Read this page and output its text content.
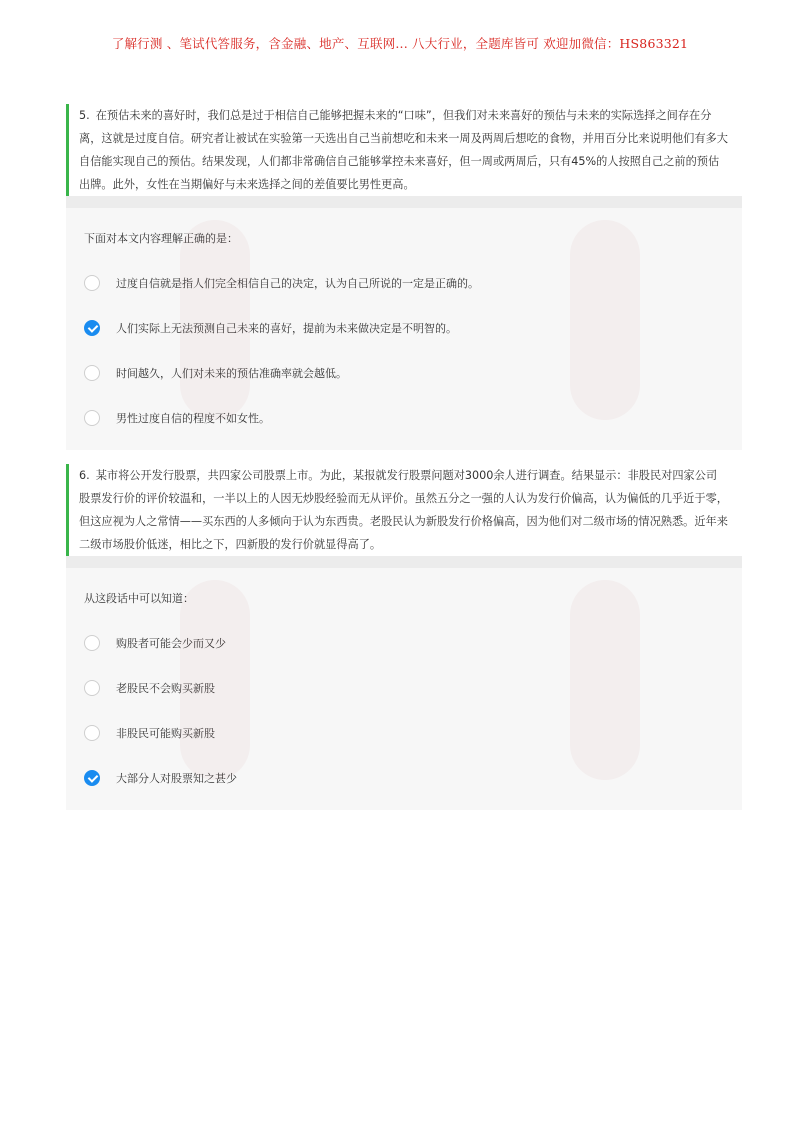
了解行测 、笔试代答服务，含金融、地产、互联网... 八大行业，全题库皆可 欢迎加微信：HS863321
5. 在预估未来的喜好时，我们总是过于相信自己能够把握未来的“口味”，但我们对未来喜好的预估与未来的实际选择之间存在分离，这就是过度自信。研究者让被试在实验第一天选出自己当前想吃和未来一周及两周后想吃的食物，并用百分比来说明他们有多大自信能实现自己的预估。结果发现，人们都非常确信自己能够掌控未来喜好，但一周或两周后，只有45%的人按照自己之前的预估出牌。此外，女性在当期偏好与未来选择之间的差值要比男性更高。
下面对本文内容理解正确的是：
过度自信就是指人们完全相信自己的决定，认为自己所说的一定是正确的。
人们实际上无法预测自己未来的喜好，提前为未来做决定是不明智的。
时间越久，人们对未来的预估准确率就会越低。
男性过度自信的程度不如女性。
6. 某市将公开发行股票，共四家公司股票上市。为此，某报就发行股票问题对3000余人进行调查。结果显示：非股民对四家公司股票发行价的评价较温和，一半以上的人因无炒股经验而无从评价。虽然五分之一强的人认为发行价偏高，认为偏低的几乎近于零，但这应视为人之常情——买东西的人多倾向于认为东西贵。老股民认为新股发行价格偏高，因为他们对二级市场的情况熟悉。近年来二级市场股价低迷，相比之下，四新股的发行价就显得高了。
从这段话中可以知道：
购股者可能会少而又少
老股民不会购买新股
非股民可能购买新股
大部分人对股票知之甚少
